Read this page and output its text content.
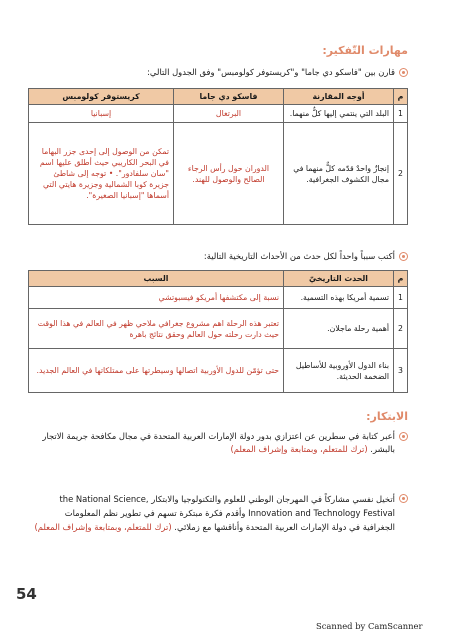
مهارات التّفكير:
قارن بين "فاسكو دي جاما" و"كريستوفر كولومبس" وفق الجدول التالي:
م	أوجه المقارنة	فاسكو دي جاما	كريستوفر كولومبس
1	البلد التي ينتمي إليها كلٌّ منهما.	البرتغال	إسبانيا
2	إنجازٌ واحدٌ قدّمه كلٌّ منهما في مجال الكشوف الجغرافية.	الدوران حول رأس الرجاء الصالح والوصول للهند.	تمكن من الوصول إلى إحدى جزر البهاما في البحر الكاريبي حيث أطلق عليها اسم "سان سلفادور". • توجه إلى شاطئ جزيرة كوبا الشمالية وجزيرة هايتي التي أسماها "إسبانيا الصغيرة".
أكتب سبباً واحداً لكل حدث من الأحداث التاريخية التالية:
م	الحدث التاريخيّ	السبب
1	تسمية أمريكا بهذه التسمية.	نسبة إلى مكتشفها أمريكو فيسبوتشي
2	أهمية رحلة ماجلان.	تعتبر هذه الرحلة اهم مشروع جغرافي ملاحي ظهر في العالم في هذا الوقت حيث دارت رحلته حول العالم وحقق نتائج باهرة
3	بناء الدول الأوروبية للأساطيل الضخمة الحديثة.	حتى تؤمّن للدول الأوربية اتصالها وسيطرتها على ممتلكاتها في العالم الجديد.
الابتكار:
أعبر كتابة في سطرين عن اعتزازي بدور دولة الإمارات العربية المتحدة في مجال مكافحة جريمة الاتجار بالبشر. (ترك للمتعلم، وبمتابعة وإشراف المعلم)
أتخيل نفسي مشاركاً في المهرجان الوطني للعلوم والتكنولوجيا والابتكار the National Science, Innovation and Technology Festival وأقدم فكرة مبتكرة تسهم في تطوير نظم المعلومات الجغرافية في دولة الإمارات العربية المتحدة وأناقشها مع زملائي. (ترك للمتعلم، وبمتابعة وإشراف المعلم)
54
Scanned by CamScanner
